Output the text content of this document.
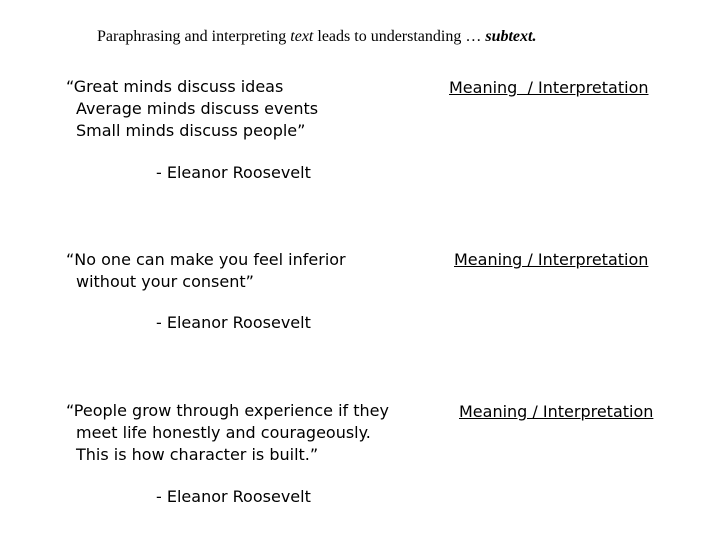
Paraphrasing and interpreting text leads to understanding … subtext.
“Great minds discuss ideas
Average minds discuss events
Small minds discuss people”
Meaning  / Interpretation
- Eleanor Roosevelt
“No one can make you feel inferior
without your consent”
Meaning / Interpretation
- Eleanor Roosevelt
“People grow through experience if they
meet life honestly and courageously.
This is how character is built.”
Meaning / Interpretation
- Eleanor Roosevelt
